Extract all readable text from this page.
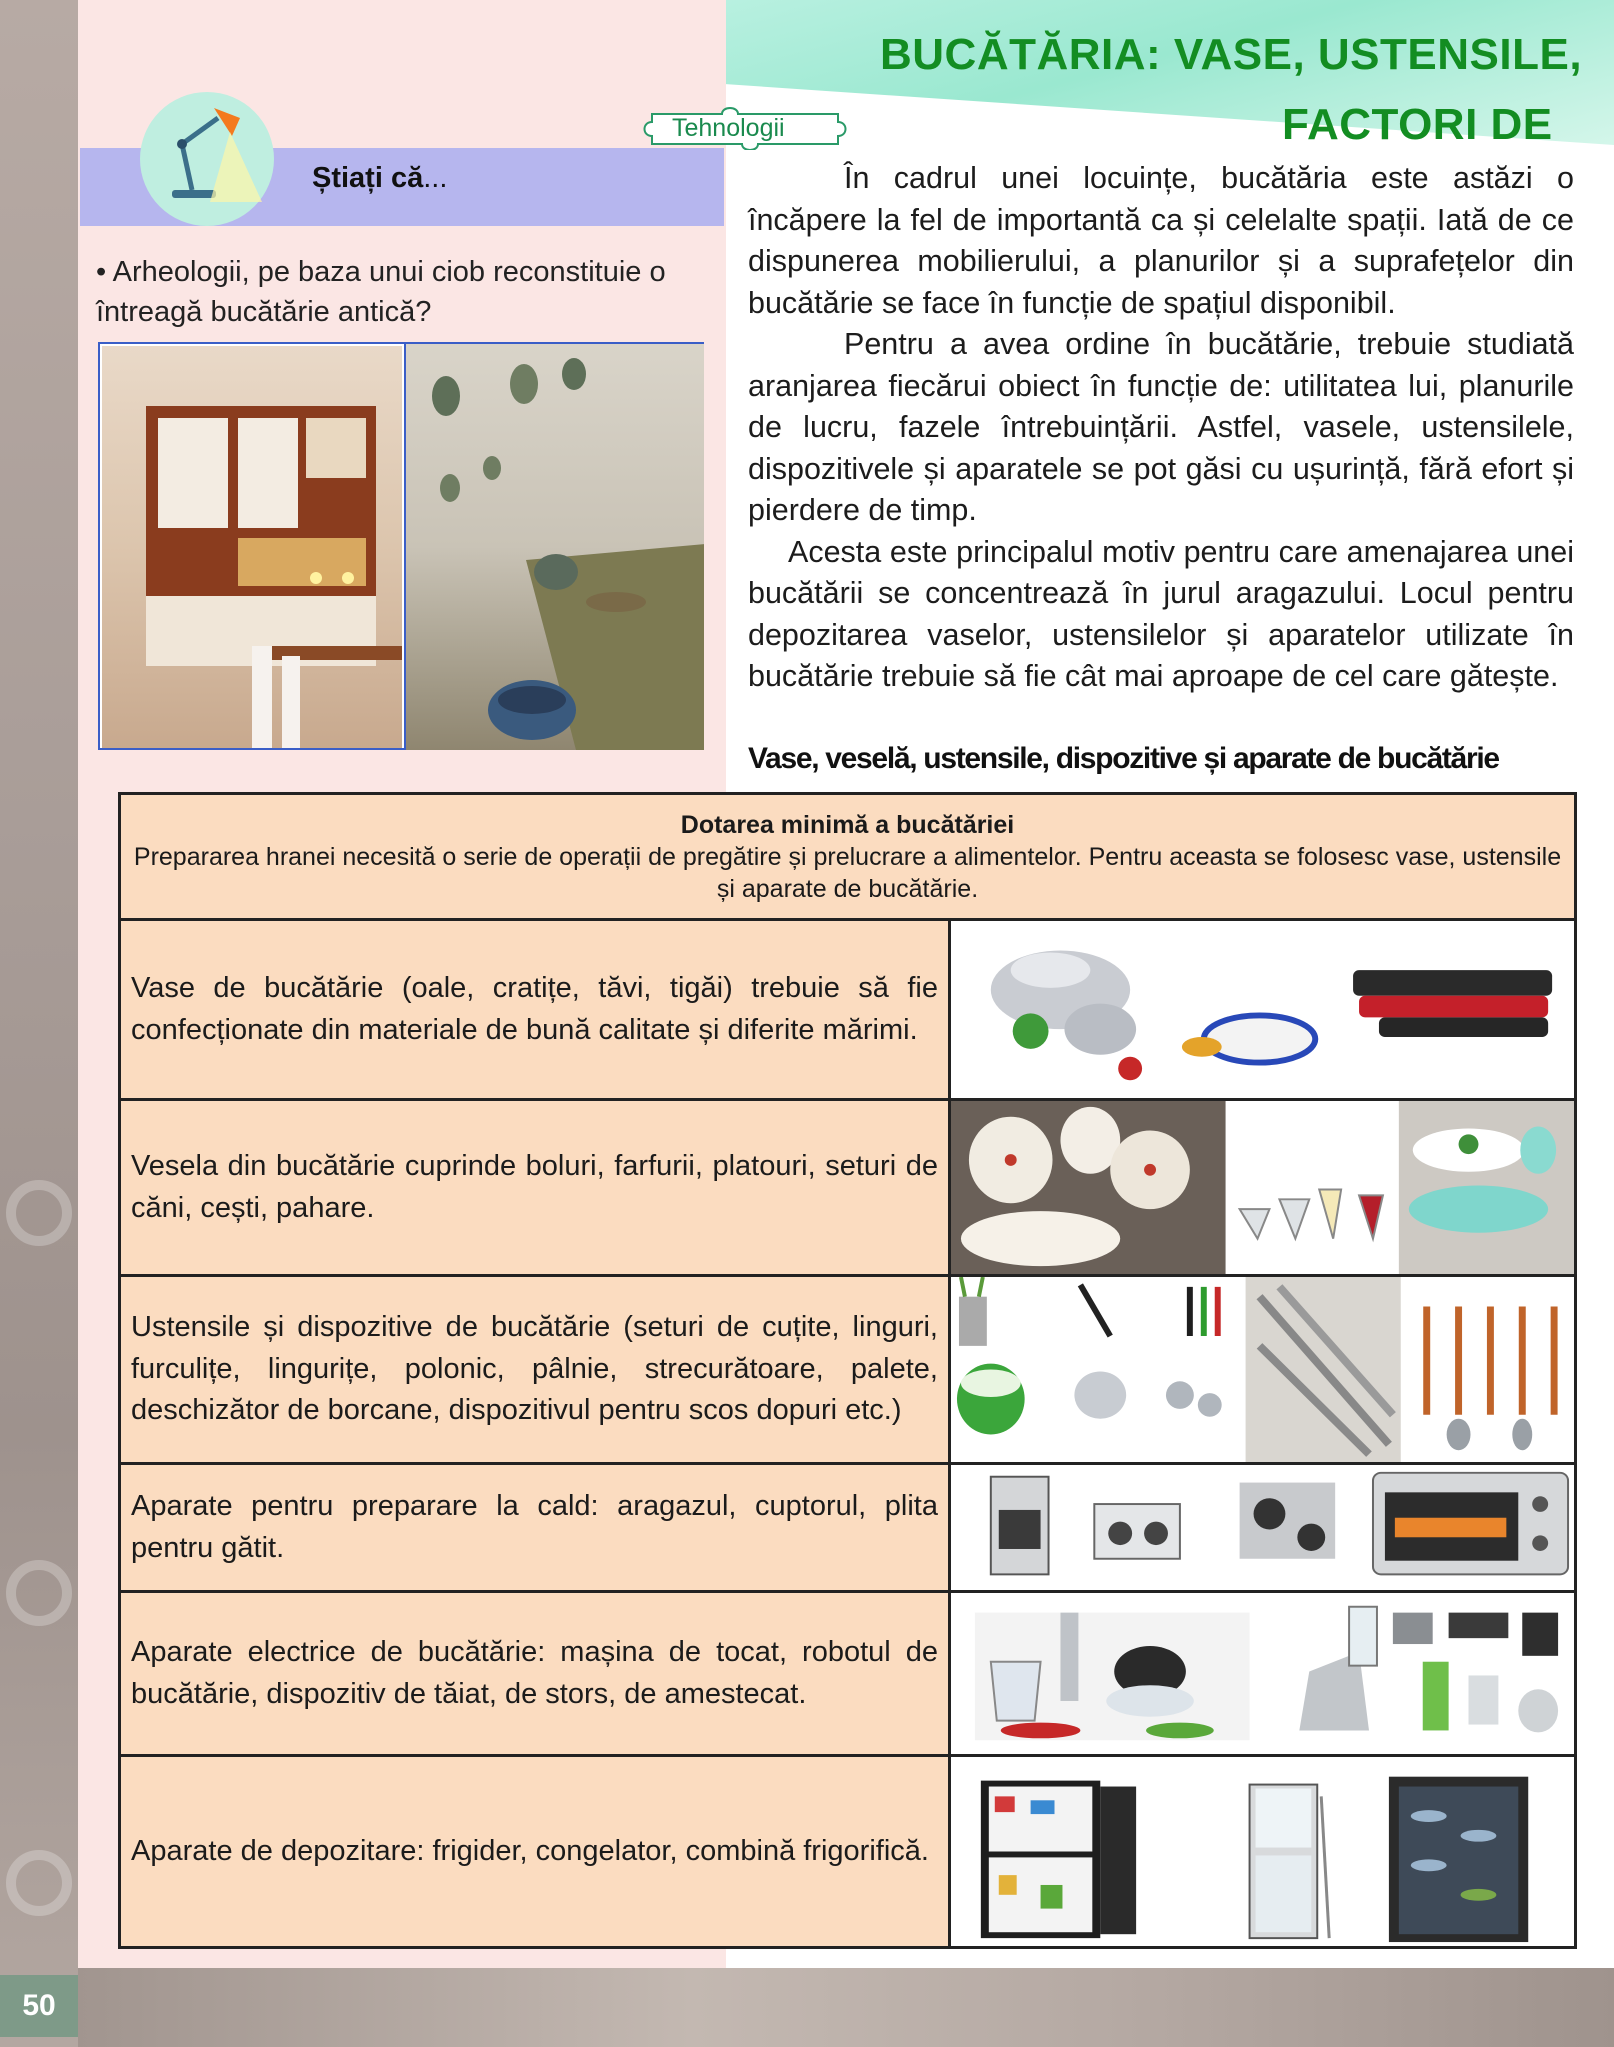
50
BUCĂTĂRIA: VASE, USTENSILE,
FACTORI DE
Tehnologii
Știați că...
• Arheologii, pe baza unui ciob reconstituie o întreagă bucătărie antică?

În cadrul unei locuințe, bucătăria este astăzi o încăpere la fel de importantă ca și celelalte spații. Iată de ce dispunerea mobilierului, a planurilor și a suprafețelor din bucătărie se face în funcție de spațiul disponibil.

Pentru a avea ordine în bucătărie, trebuie studiată aranjarea fiecărui obiect în funcție de: utilitatea lui, planurile de lucru, fazele întrebuințării. Astfel, vasele, ustensilele, dispozitivele și aparatele se pot găsi cu ușurință, fără efort și pierdere de timp.

Acesta este principalul motiv pentru care amenajarea unei bucătării se concentrează în jurul aragazului. Locul pentru depozitarea vaselor, ustensilelor și aparatelor utilizate în bucătărie trebuie să fie cât mai aproape de cel care gătește.

Vase, veselă, ustensile, dispozitive și aparate de bucătărie
Dotarea minimă a bucătăriei
Prepararea hranei necesită o serie de operații de pregătire și prelucrare a alimentelor. Pentru aceasta se folosesc vase, ustensile și aparate de bucătărie.	
Vase de bucătărie (oale, cratițe, tăvi, tigăi) trebuie să fie confecționate din materiale de bună calitate și diferite mărimi.	

Vesela din bucătărie cuprinde boluri, farfurii, platouri, seturi de căni, cești, pahare.	

Ustensile și dispozitive de bucătărie (seturi de cuțite, linguri, furculițe, lingurițe, polonic, pâlnie, strecurătoare, palete, deschizător de borcane, dispozitivul pentru scos dopuri etc.)	

Aparate pentru preparare la cald: aragazul, cuptorul, plita pentru gătit.	

Aparate electrice de bucătărie: mașina de tocat, robotul de bucătărie, dispozitiv de tăiat, de stors, de amestecat.	

Aparate de depozitare: frigider, congelator, combină frigorifică.	
